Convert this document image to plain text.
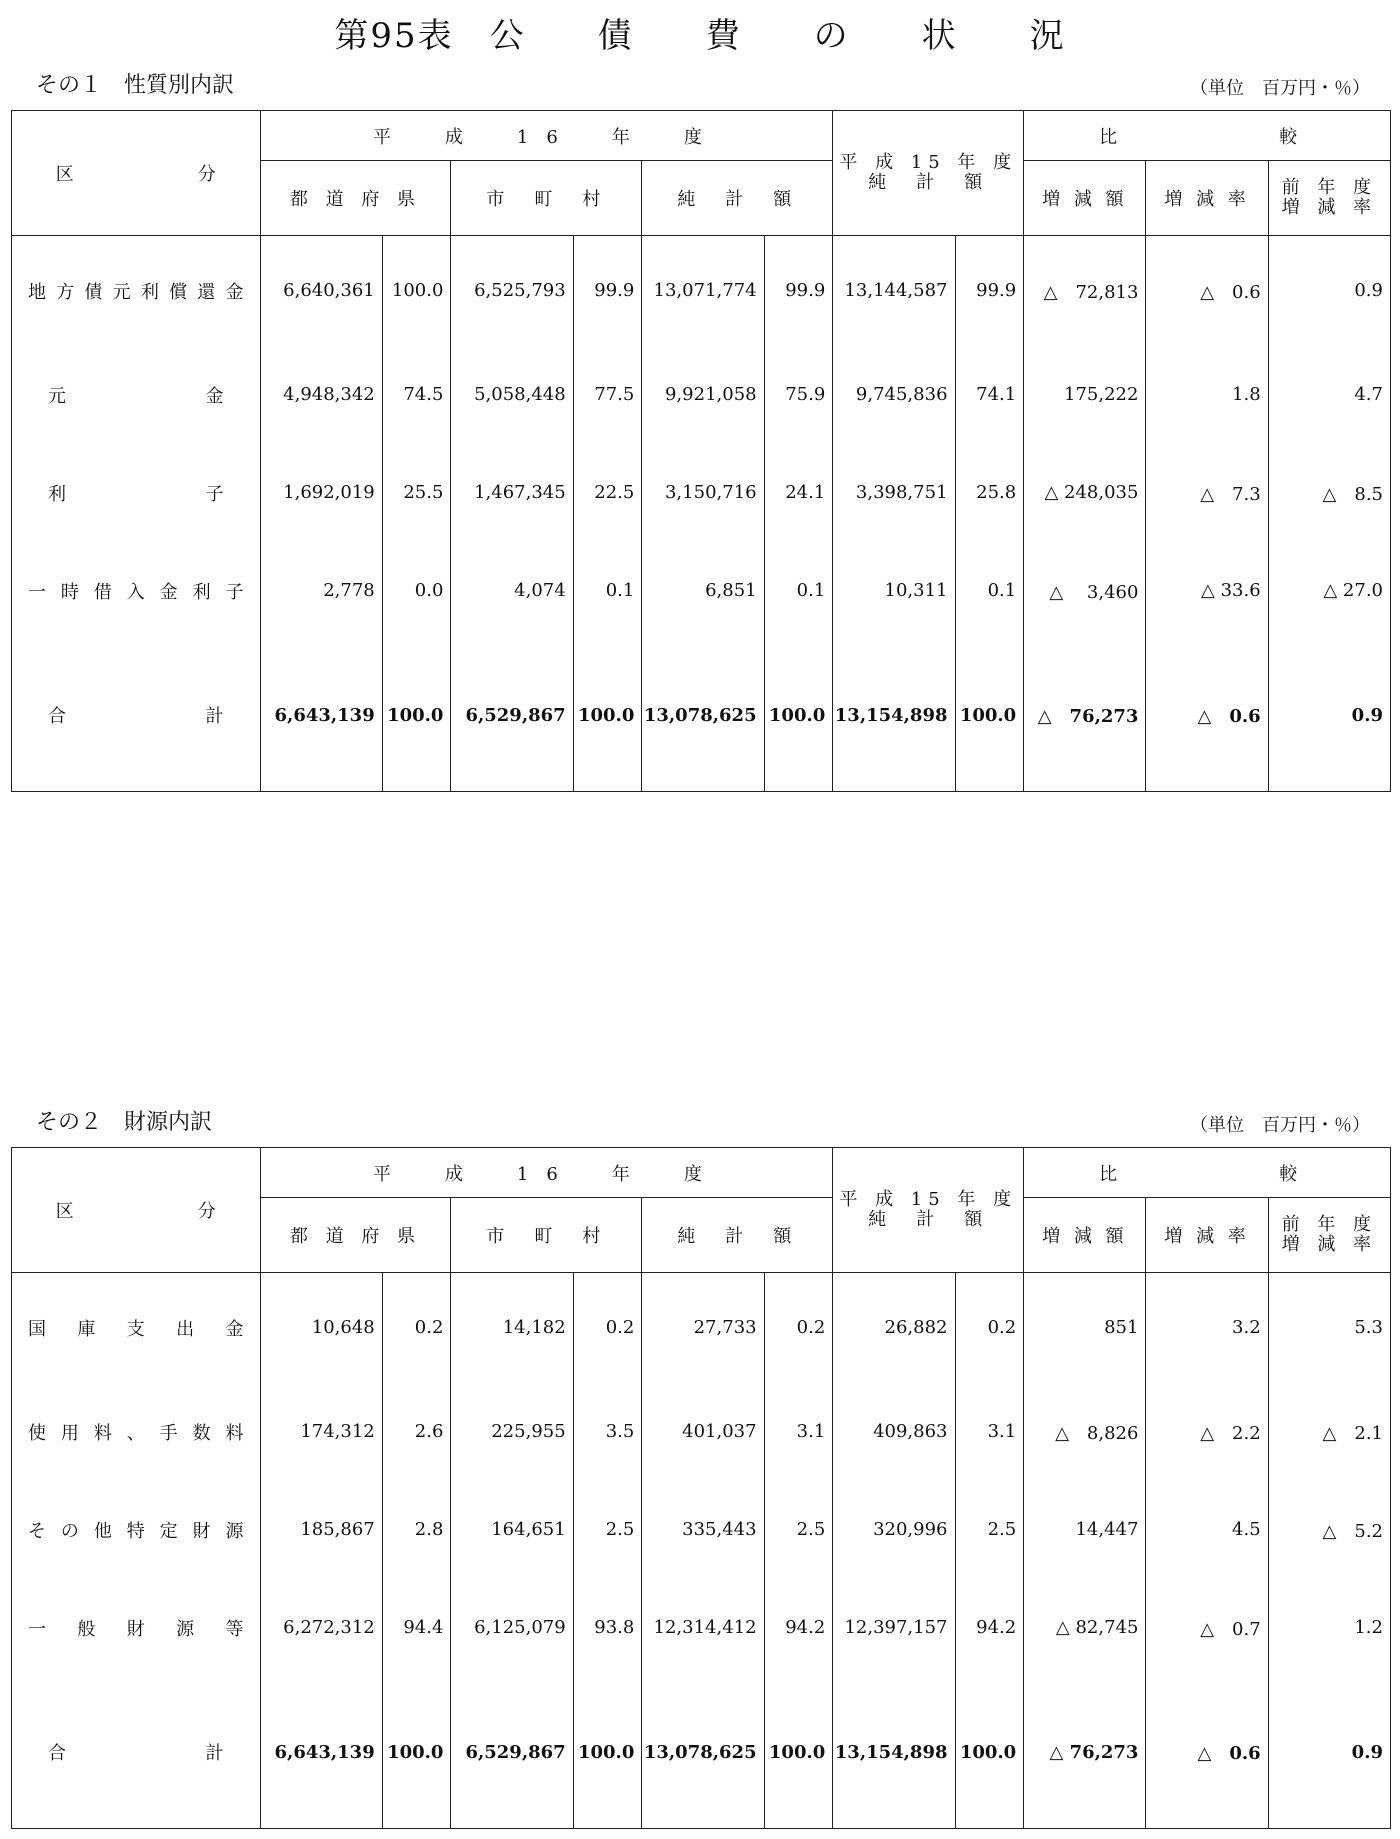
第95表　公　　債　　費　　の　　状　　況
その１　性質別内訳	（単位　百万円・％）
区　　分	平　成　16　年　度						平 成 15 年 度
純　計　額		比　　　　較		
	都 道 府 県		市　町　村		純　計　額				増 減 額	増 減 率	前 年 度
増 減 率

地方債元利償還金	6,640,361	100.0	6,525,793	99.9	13,071,774	99.9	13,144,587	99.9	△　72,813	△　0.6	0.9

元金	4,948,342	74.5	5,058,448	77.5	9,921,058	75.9	9,745,836	74.1	175,222	1.8	4.7

利子	1,692,019	25.5	1,467,345	22.5	3,150,716	24.1	3,398,751	25.8	△ 248,035	△　7.3	△　8.5

一時借入金利子	2,778	0.0	4,074	0.1	6,851	0.1	10,311	0.1	△　 3,460	△ 33.6	△ 27.0

合計	6,643,139	100.0	6,529,867	100.0	13,078,625	100.0	13,154,898	100.0	△　76,273	△　0.6	0.9
その２　財源内訳	（単位　百万円・％）
区　　分	平　成　16　年　度						平 成 15 年 度
純　計　額		比　　　　較		
	都 道 府 県		市　町　村		純　計　額				増 減 額	増 減 率	前 年 度
増 減 率

国庫支出金	10,648	0.2	14,182	0.2	27,733	0.2	26,882	0.2	851	3.2	5.3

使用料、手数料	174,312	2.6	225,955	3.5	401,037	3.1	409,863	3.1	△　8,826	△　2.2	△　2.1

その他特定財源	185,867	2.8	164,651	2.5	335,443	2.5	320,996	2.5	14,447	4.5	△　5.2

一般財源等	6,272,312	94.4	6,125,079	93.8	12,314,412	94.2	12,397,157	94.2	△ 82,745	△　0.7	1.2

合計	6,643,139	100.0	6,529,867	100.0	13,078,625	100.0	13,154,898	100.0	△ 76,273	△　0.6	0.9
